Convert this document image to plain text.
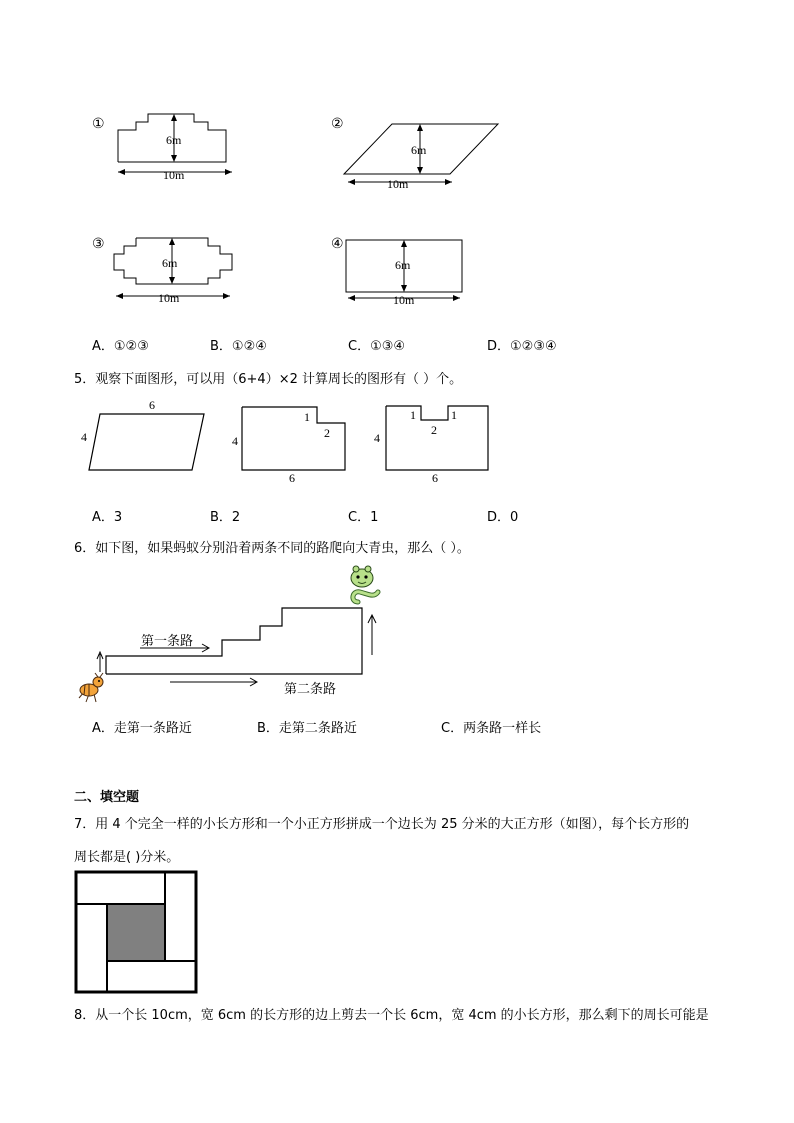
①
6m
10m
②
6m
10m
③
6m
10m
④
6m
10m
A．①②③	B．①②④	C．①③④	D．①②③④
5．观察下面图形，可以用（6+4）×2 计算周长的图形有（ ）个。
6
4	4
1
2
6
4
1	1
2
6
A．3	B．2	C．1	D．0
6．如下图，如果蚂蚁分别沿着两条不同的路爬向大青虫，那么（ ）。
第一条路
第二条路
A．走第一条路近	B．走第二条路近	C．两条路一样长
二、填空题
7．用 4 个完全一样的小长方形和一个小正方形拼成一个边长为 25 分米的大正方形（如图），每个长方形的
周长都是( )分米。
8．从一个长 10cm，宽 6cm 的长方形的边上剪去一个长 6cm，宽 4cm 的小长方形，那么剩下的周长可能是
